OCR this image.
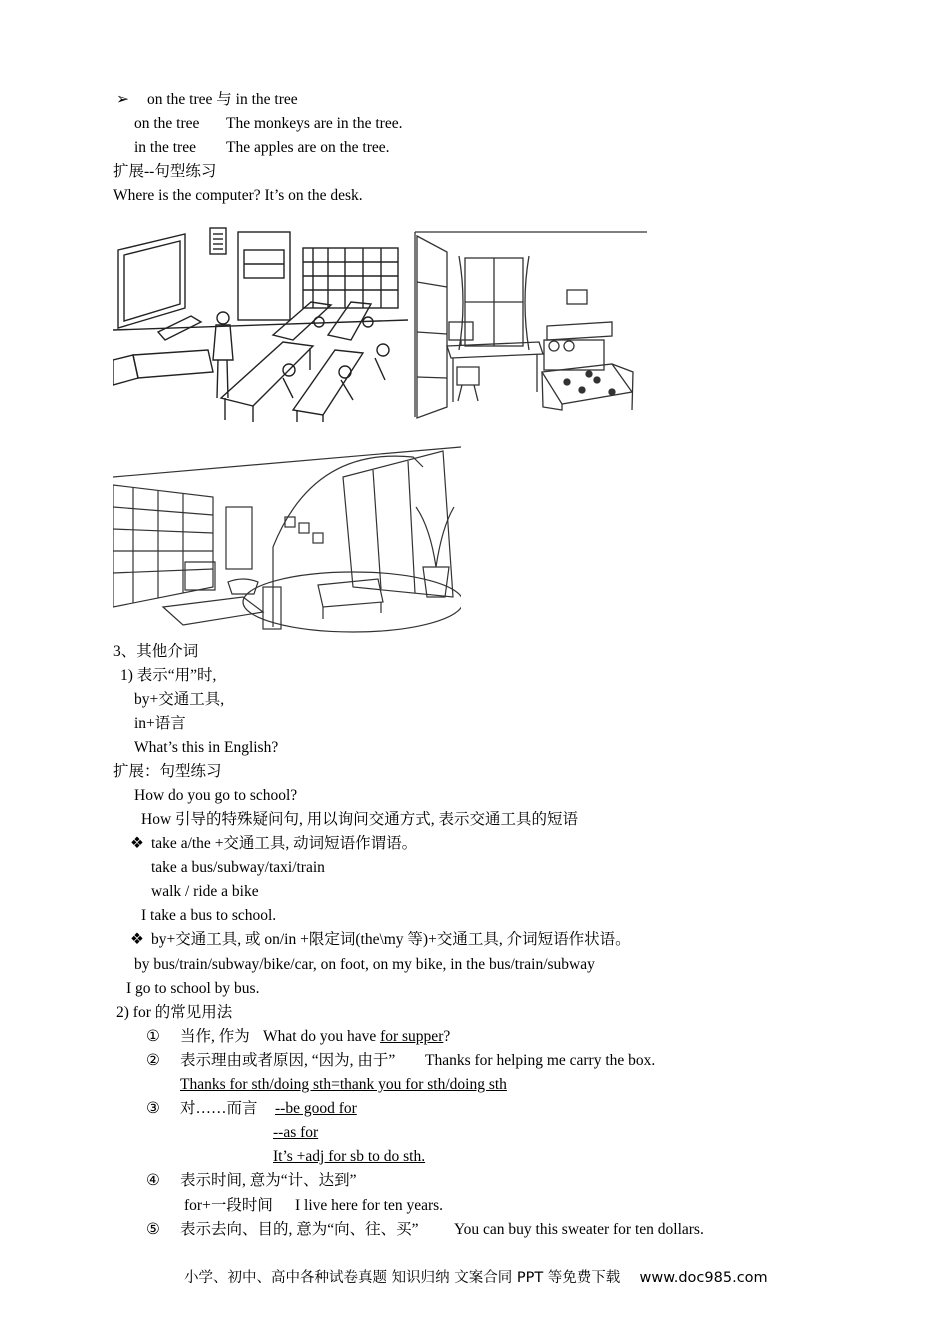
➢ on the tree 与 in the tree
on the tree The monkeys are in the tree.
in the tree The apples are on the tree.
扩展--句型练习
Where is the computer? It’s on the desk.
3、其他介词
1) 表示“用”时,
by+交通工具,
in+语言
What’s this in English?
扩展：句型练习
How do you go to school?
How 引导的特殊疑问句, 用以询问交通方式, 表示交通工具的短语
❖ take a/the +交通工具, 动词短语作谓语。
take a bus/subway/taxi/train
walk / ride a bike
I take a bus to school.
❖ by+交通工具, 或 on/in +限定词(the\my 等)+交通工具, 介词短语作状语。
by bus/train/subway/bike/car, on foot, on my bike, in the bus/train/subway
I go to school by bus.
2) for 的常见用法
① 当作, 作为 What do you have for supper?
② 表示理由或者原因, “因为, 由于” Thanks for helping me carry the box.
Thanks for sth/doing sth=thank you for sth/doing sth
③ 对……而言 --be good for
--as for
It’s +adj for sb to do sth.
④ 表示时间, 意为“计、达到”
for+一段时间 I live here for ten years.
⑤ 表示去向、目的, 意为“向、往、买” You can buy this sweater for ten dollars.
小学、初中、高中各种试卷真题 知识归纳 文案合同 PPT 等免费下载 www.doc985.com
